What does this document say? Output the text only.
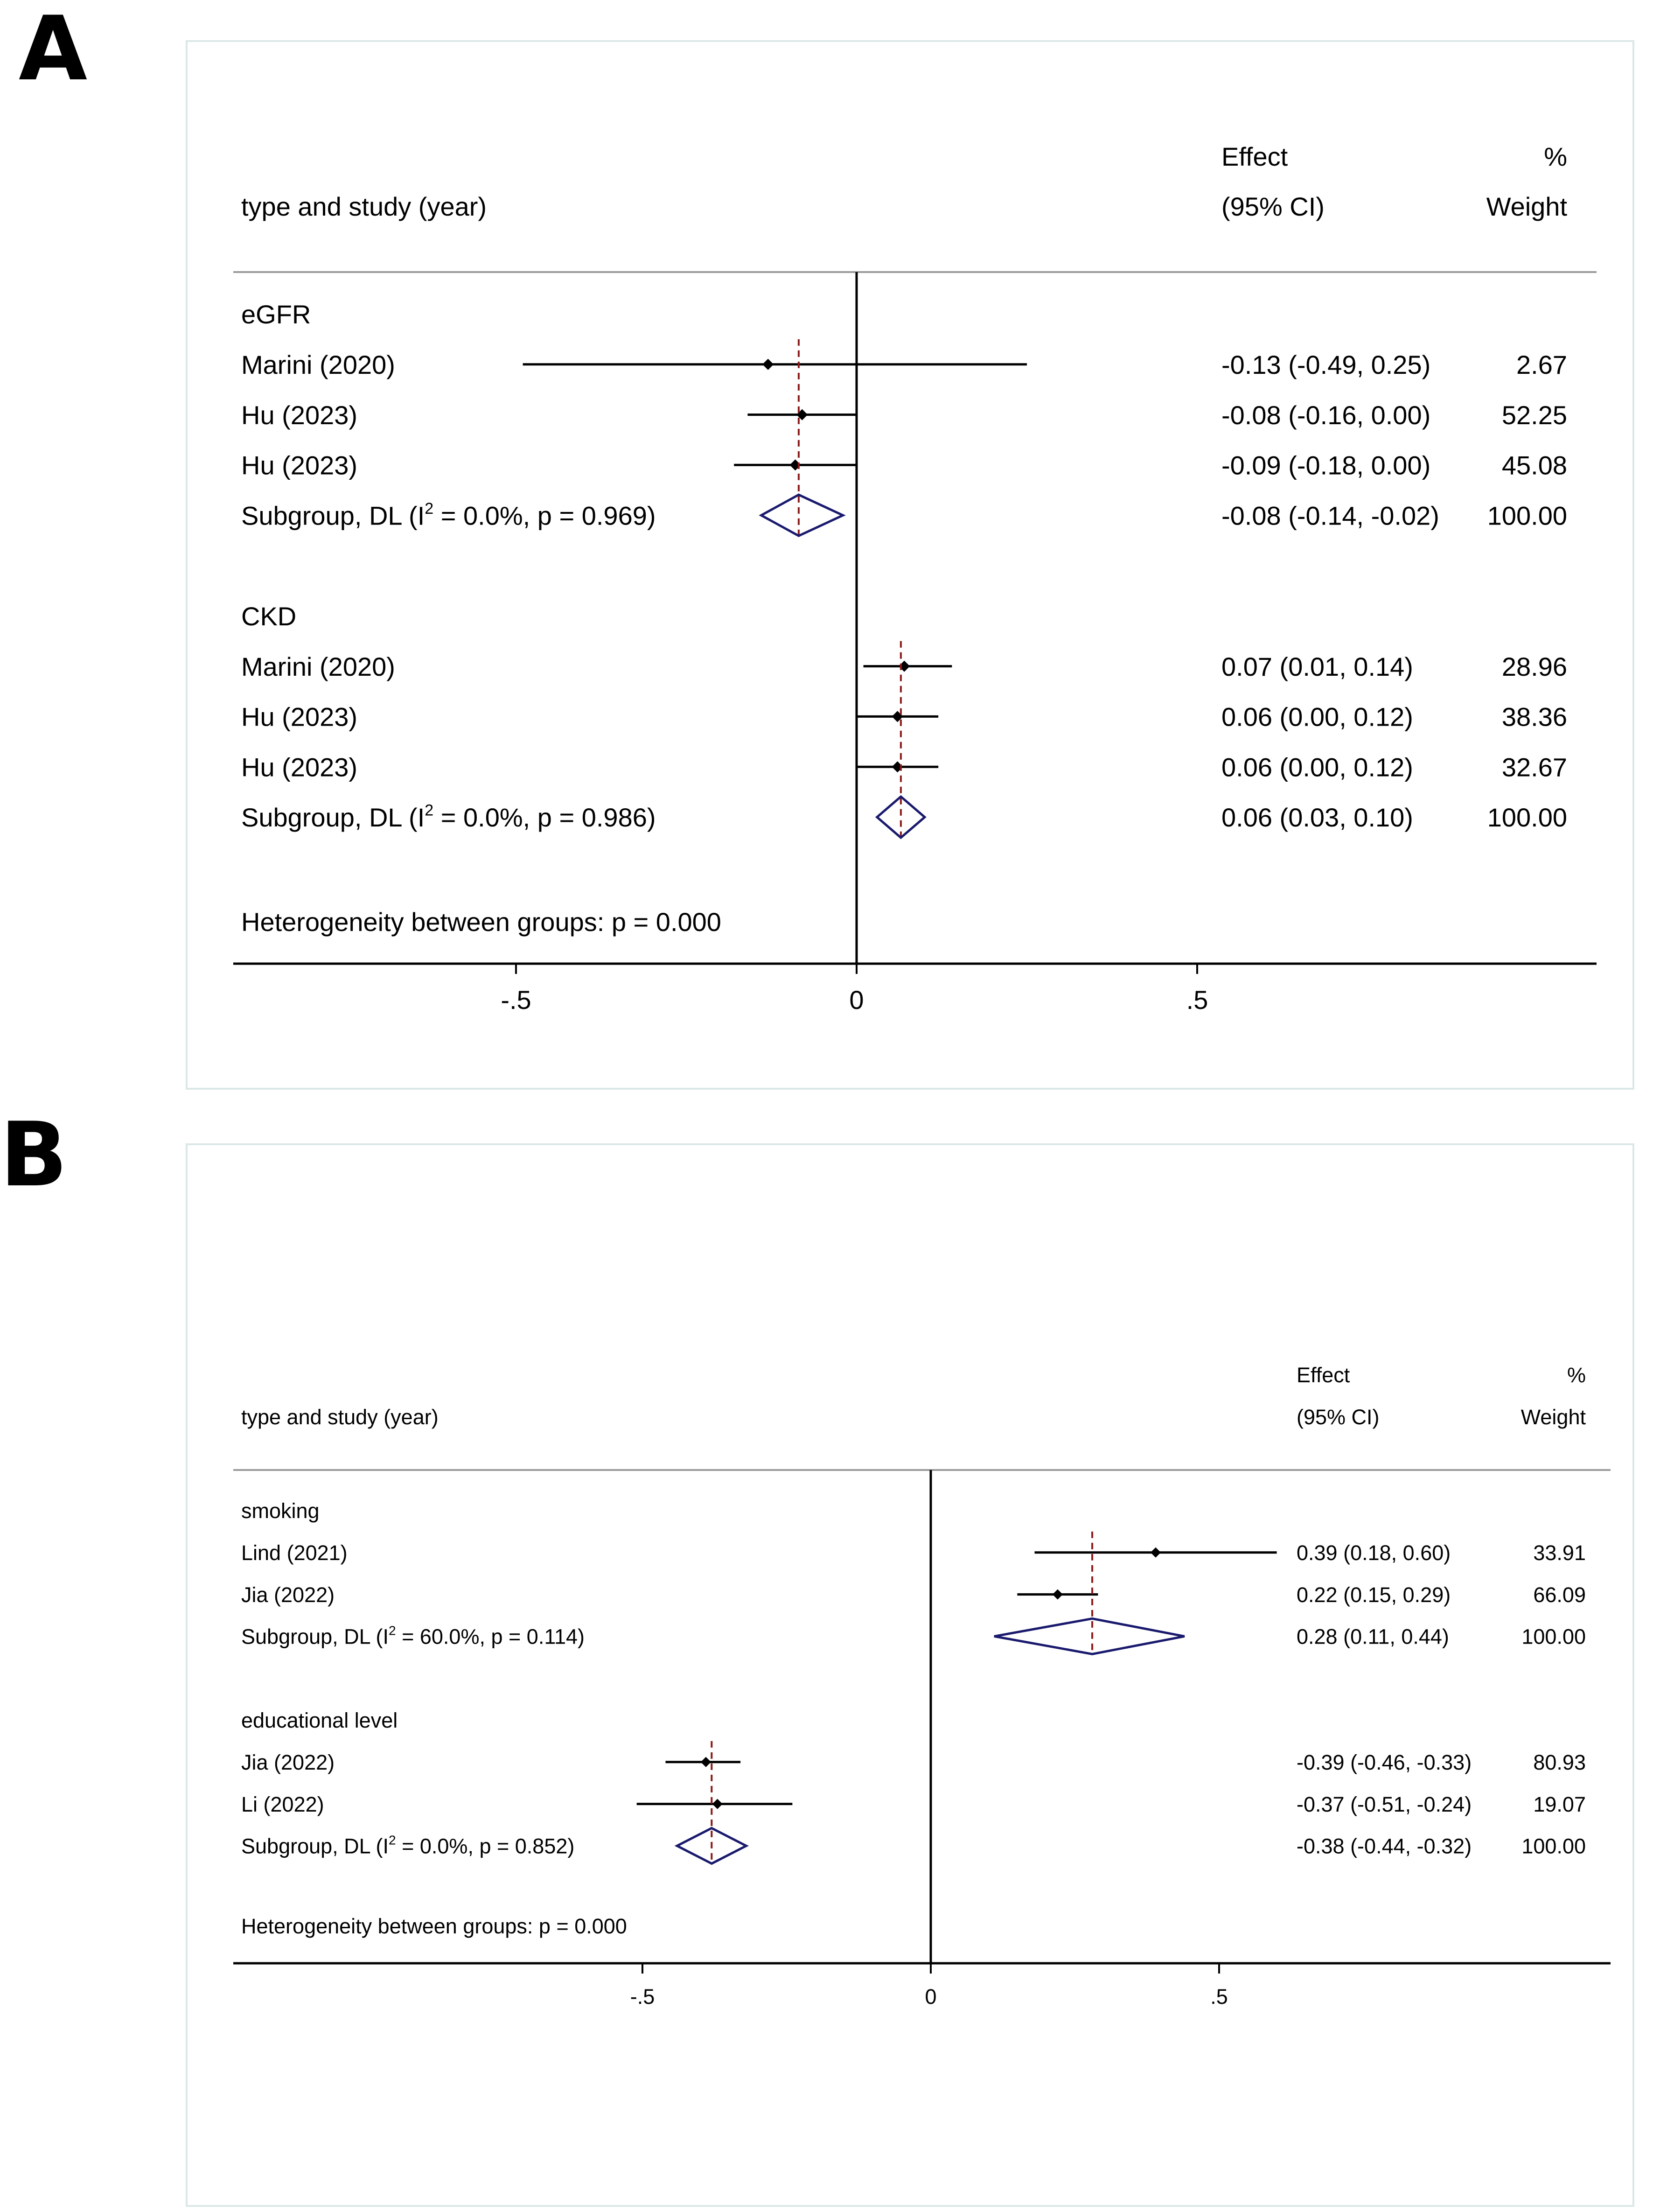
A
B
Effect	%
type and study (year)	(95% CI)	Weight
eGFR
Marini (2020)	-0.13 (-0.49, 0.25)	2.67
Hu (2023)	-0.08 (-0.16, 0.00)	52.25
Hu (2023)	-0.09 (-0.18, 0.00)	45.08
Subgroup, DL ($I^2 = 0.0\%$, p = 0.969)	-0.08 (-0.14, -0.02) 100.00
CKD
Marini (2020)	0.07 (0.01, 0.14)	28.96
Hu (2023)	0.06 (0.00, 0.12)	38.36
Hu (2023)	0.06 (0.00, 0.12)	32.67
Subgroup, DL ($I^2 = 0.0\%$, p = 0.986)	0.06 (0.03, 0.10)	100.00
Heterogeneity between groups: p = 0.000
-.5	0	.5
Effect	%
type and study (year)	(95% CI)	Weight
smoking
Lind (2021)	0.39 (0.18, 0.60)	33.91
Jia (2022)	0.22 (0.15, 0.29)	66.09
Subgroup, DL ($I^2 = 60.0\%$, p = 0.114)	0.28 (0.11, 0.44)	100.00
educational level
Jia (2022)	-0.39 (-0.46, -0.33)	80.93
Li (2022)	-0.37 (-0.51, -0.24)	19.07
Subgroup, DL ($I^2 = 0.0\%$, p = 0.852)	-0.38 (-0.44, -0.32) 100.00
Heterogeneity between groups: p = 0.000
-.5	0	.5
